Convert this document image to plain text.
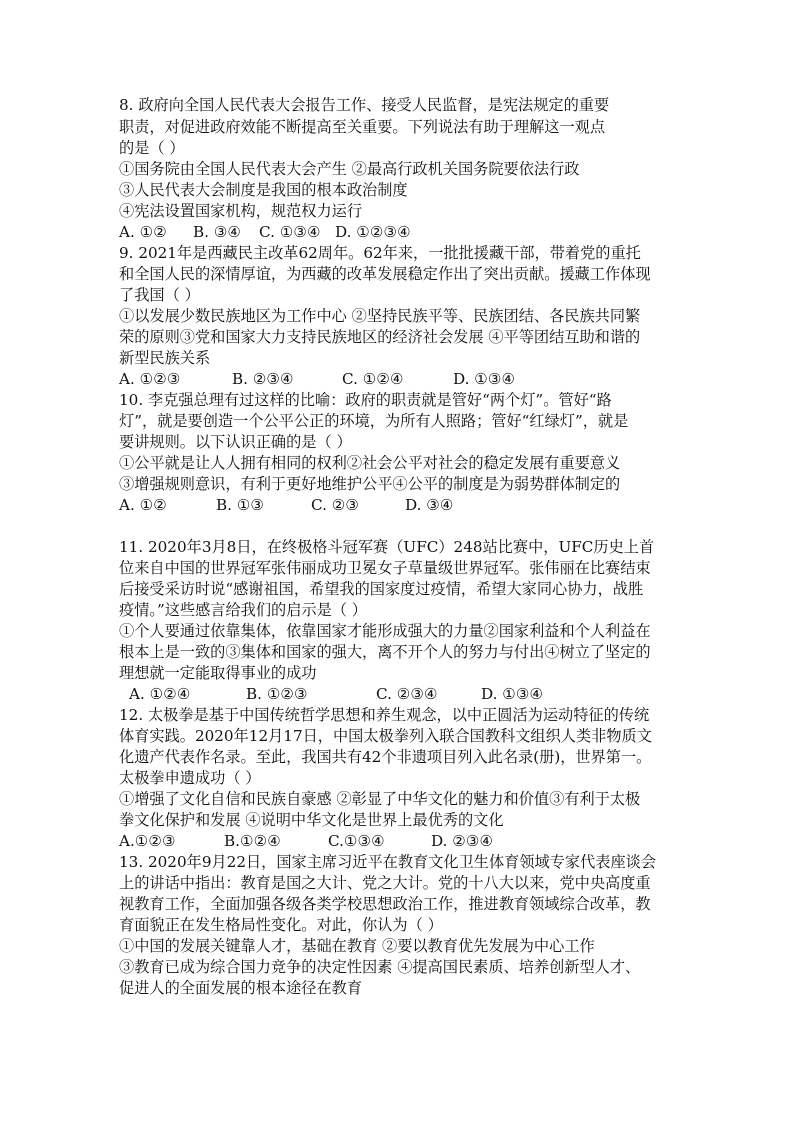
8. 政府向全国人民代表大会报告工作、接受人民监督，是宪法规定的重要
职责，对促进政府效能不断提高至关重要。下列说法有助于理解这一观点
的是（ ）
①国务院由全国人民代表大会产生 ②最高行政机关国务院要依法行政
③人民代表大会制度是我国的根本政治制度
④宪法设置国家机构，规范权力运行
A. ①② B. ③④ C. ①③④ D. ①②③④
9. 2021年是西藏民主改革62周年。62年来，一批批援藏干部，带着党的重托
和全国人民的深情厚谊，为西藏的改革发展稳定作出了突出贡献。援藏工作体现
了我国（ ）
①以发展少数民族地区为工作中心 ②坚持民族平等、民族团结、各民族共同繁
荣的原则③党和国家大力支持民族地区的经济社会发展 ④平等团结互助和谐的
新型民族关系
A. ①②③	B. ②③④	C. ①②④	D. ①③④
10. 李克强总理有过这样的比喻：政府的职责就是管好“两个灯”。管好“路
灯”，就是要创造一个公平公正的环境，为所有人照路；管好“红绿灯”，就是
要讲规则。以下认识正确的是（ ）
①公平就是让人人拥有相同的权利②社会公平对社会的稳定发展有重要意义
③增强规则意识，有利于更好地维护公平④公平的制度是为弱势群体制定的
A. ①②	B. ①③	C. ②③	D. ③④
11. 2020年3月8日，在终极格斗冠军赛（UFC）248站比赛中，UFC历史上首
位来自中国的世界冠军张伟丽成功卫冕女子草量级世界冠军。张伟丽在比赛结束
后接受采访时说“感谢祖国，希望我的国家度过疫情，希望大家同心协力，战胜
疫情。”这些感言给我们的启示是（ ）
①个人要通过依靠集体，依靠国家才能形成强大的力量②国家利益和个人利益在
根本上是一致的③集体和国家的强大，离不开个人的努力与付出④树立了坚定的
理想就一定能取得事业的成功
A. ①②④	B. ①②③	C. ②③④	D. ①③④
12. 太极拳是基于中国传统哲学思想和养生观念，以中正圆活为运动特征的传统
体育实践。2020年12月17日，中国太极拳列入联合国教科文组织人类非物质文
化遗产代表作名录。至此，我国共有42个非遗项目列入此名录(册)，世界第一。
太极拳申遗成功（ ）
①增强了文化自信和民族自豪感 ②彰显了中华文化的魅力和价值③有利于太极
拳文化保护和发展 ④说明中华文化是世界上最优秀的文化
A.①②③	B.①②④	C.①③④	D. ②③④
13. 2020年9月22日，国家主席习近平在教育文化卫生体育领域专家代表座谈会
上的讲话中指出：教育是国之大计、党之大计。党的十八大以来，党中央高度重
视教育工作，全面加强各级各类学校思想政治工作，推进教育领域综合改革，教
育面貌正在发生格局性变化。对此，你认为（ ）
①中国的发展关键靠人才，基础在教育 ②要以教育优先发展为中心工作
③教育已成为综合国力竞争的决定性因素 ④提高国民素质、培养创新型人才、
促进人的全面发展的根本途径在教育
